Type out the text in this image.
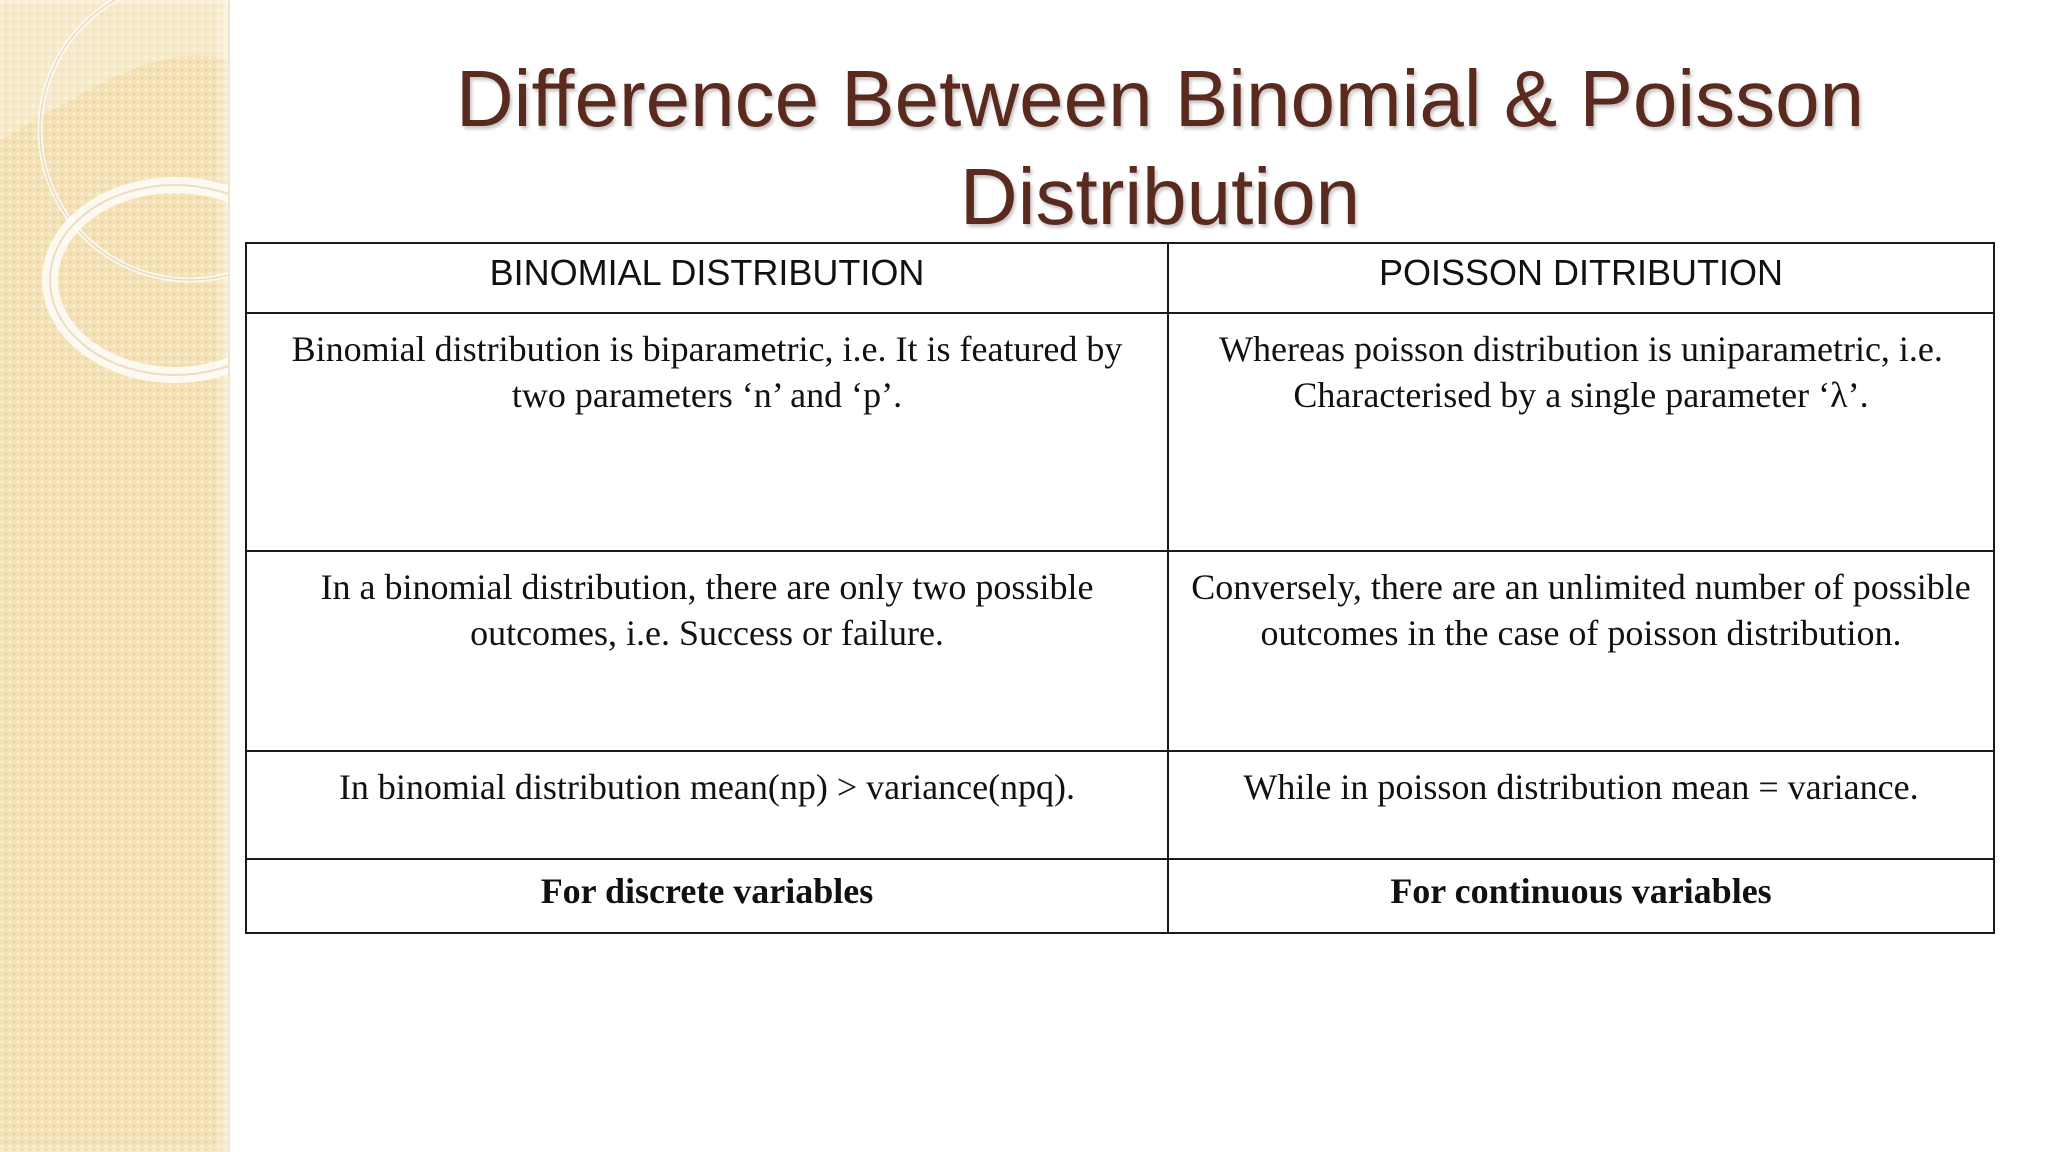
Difference Between Binomial & Poisson
Distribution
BINOMIAL DISTRIBUTION	POISSON DITRIBUTION
Binomial distribution is biparametric, i.e. It is featured by two parameters ‘n’ and ‘p’.	Whereas poisson distribution is uniparametric, i.e. Characterised by a single parameter ‘λ’.
In a binomial distribution, there are only two possible outcomes, i.e. Success or failure.	Conversely, there are an unlimited number of possible outcomes in the case of poisson distribution.
In binomial distribution mean(np) > variance(npq).	While in poisson distribution mean = variance.
For discrete variables	For continuous variables
